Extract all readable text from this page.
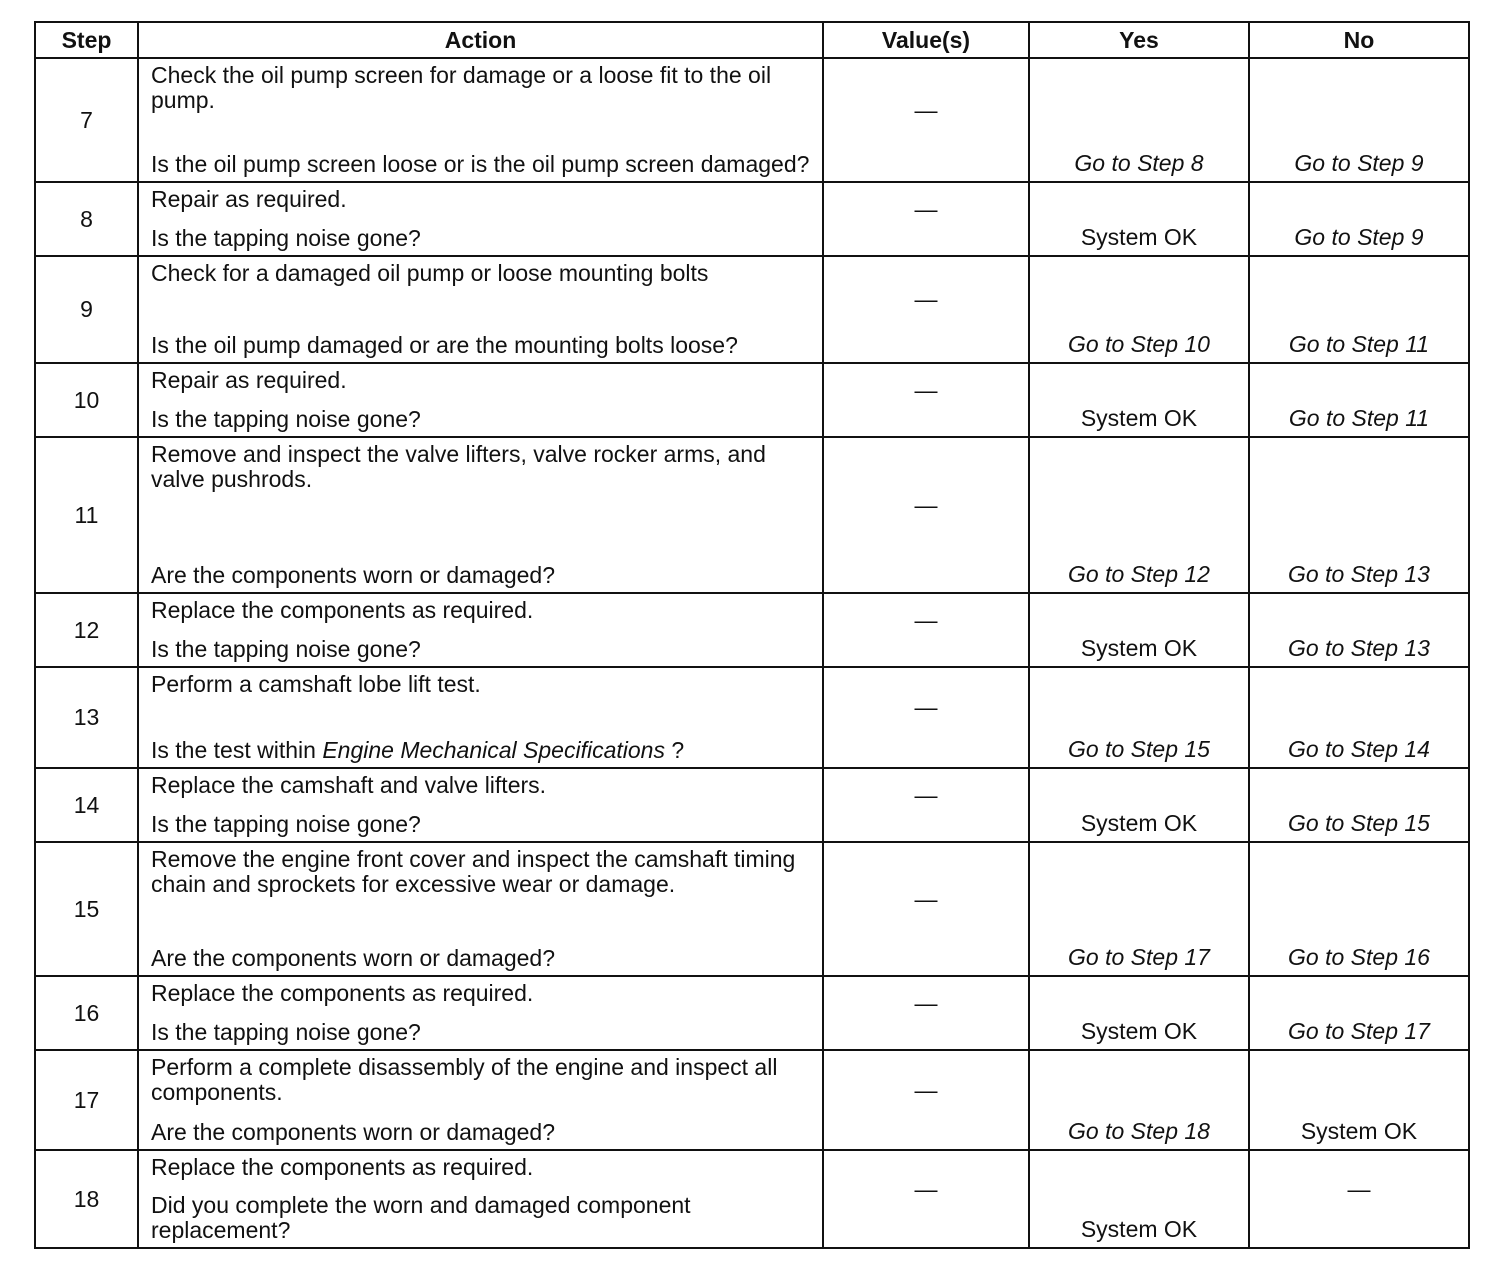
Step	Action	Value(s)	Yes	No
7	Check the oil pump screen for damage or a loose fit to the oil pump.

Is the oil pump screen loose or is the oil pump screen damaged?	—	Go to Step 8	Go to Step 9
8	Repair as required.

Is the tapping noise gone?	—	System OK	Go to Step 9
9	Check for a damaged oil pump or loose mounting bolts

Is the oil pump damaged or are the mounting bolts loose?	—	Go to Step 10	Go to Step 11
10	Repair as required.

Is the tapping noise gone?	—	System OK	Go to Step 11
11	Remove and inspect the valve lifters, valve rocker arms, and valve pushrods.

Are the components worn or damaged?	—	Go to Step 12	Go to Step 13
12	Replace the components as required.

Is the tapping noise gone?	—	System OK	Go to Step 13
13	Perform a camshaft lobe lift test.

Is the test within Engine Mechanical Specifications ?	—	Go to Step 15	Go to Step 14
14	Replace the camshaft and valve lifters.

Is the tapping noise gone?	—	System OK	Go to Step 15
15	Remove the engine front cover and inspect the camshaft timing chain and sprockets for excessive wear or damage.

Are the components worn or damaged?	—	Go to Step 17	Go to Step 16
16	Replace the components as required.

Is the tapping noise gone?	—	System OK	Go to Step 17
17	Perform a complete disassembly of the engine and inspect all components.

Are the components worn or damaged?	—	Go to Step 18	System OK
18	Replace the components as required.

Did you complete the worn and damaged component replacement?	—	System OK	—
